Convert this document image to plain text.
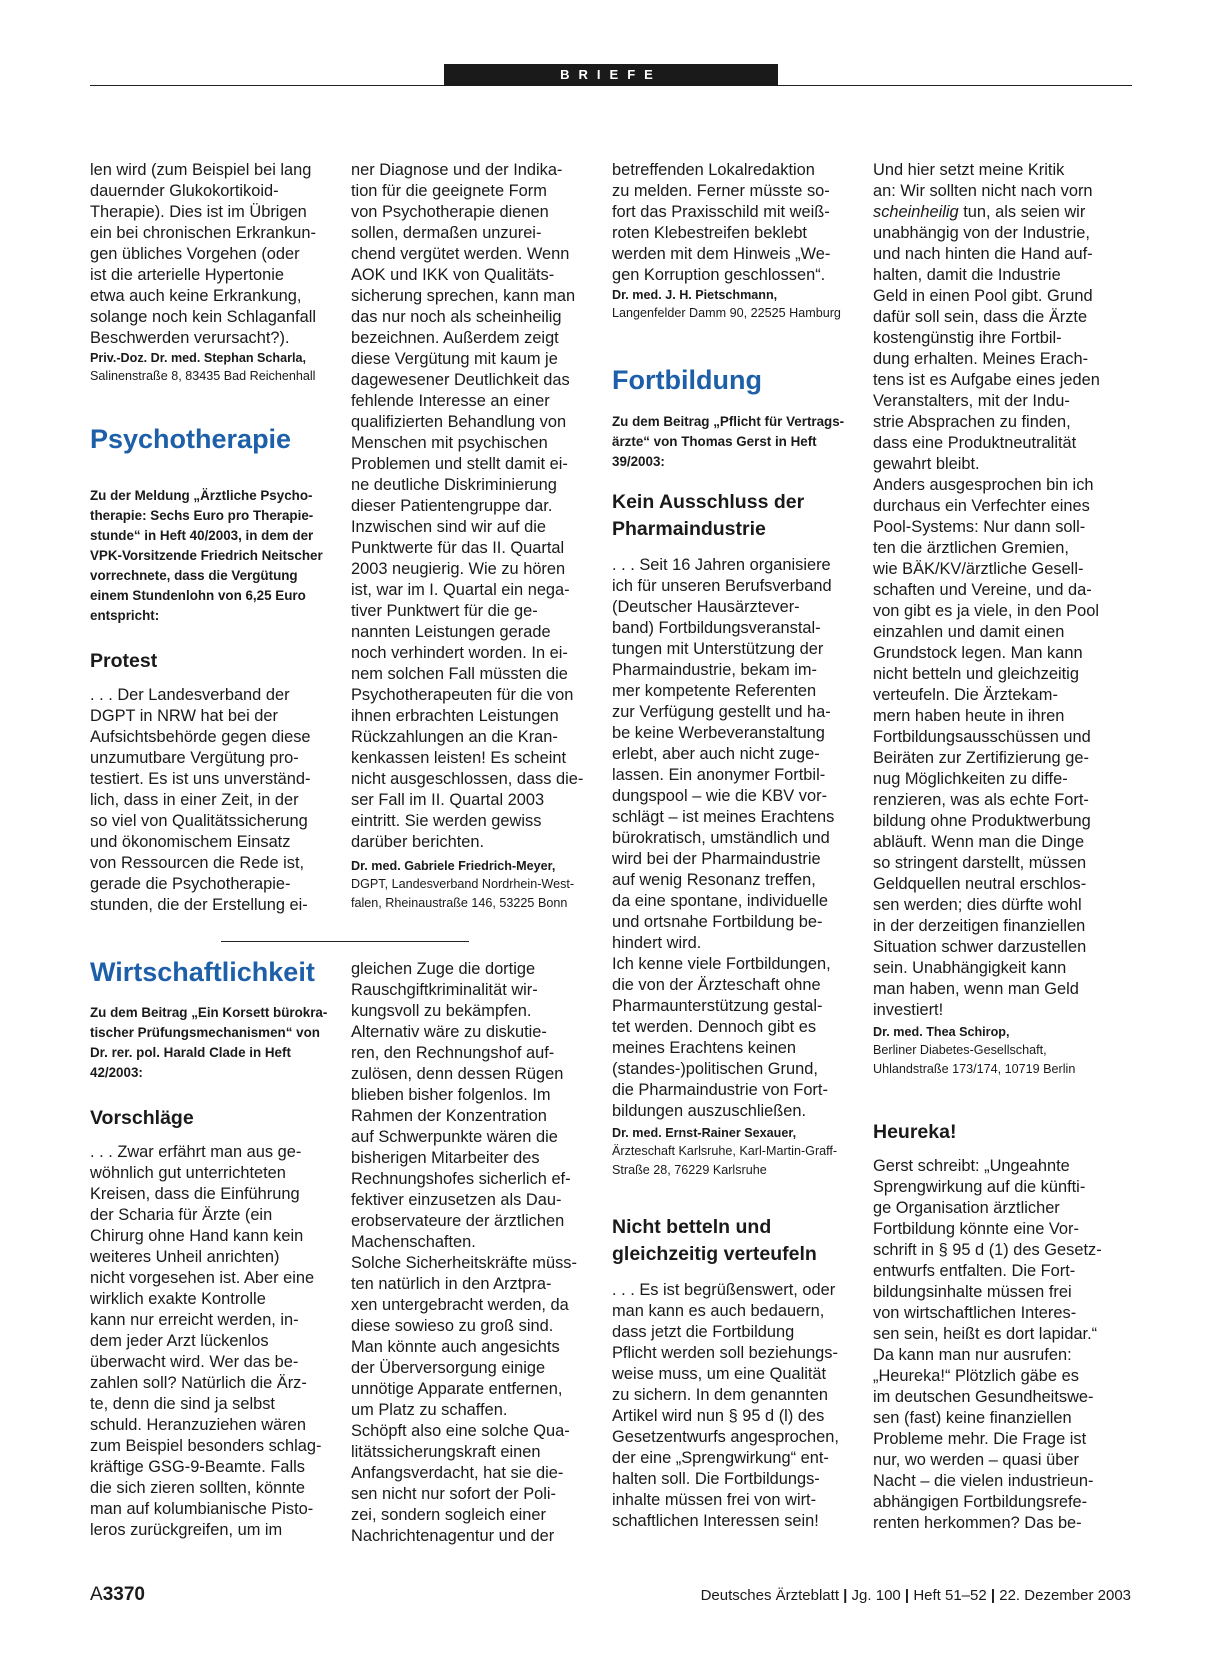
BRIEFE
len wird (zum Beispiel bei lang
dauernder Glukokortikoid-
Therapie). Dies ist im Übrigen
ein bei chronischen Erkrankun-
gen übliches Vorgehen (oder
ist die arterielle Hypertonie
etwa auch keine Erkrankung,
solange noch kein Schlaganfall
Beschwerden verursacht?).

Priv.-Doz. Dr. med. Stephan Scharla,

Salinenstraße 8, 83435 Bad Reichenhall
Psychotherapie
Zu der Meldung „Ärztliche Psycho-
therapie: Sechs Euro pro Therapie-
stunde“ in Heft 40/2003, in dem der
VPK-Vorsitzende Friedrich Neitscher
vorrechnete, dass die Vergütung
einem Stundenlohn von 6,25 Euro
entspricht:

Protest

. . . Der Landesverband der
DGPT in NRW hat bei der
Aufsichtsbehörde gegen diese
unzumutbare Vergütung pro-
testiert. Es ist uns unverständ-
lich, dass in einer Zeit, in der
so viel von Qualitätssicherung
und ökonomischem Einsatz
von Ressourcen die Rede ist,
gerade die Psychotherapie-
stunden, die der Erstellung ei-
ner Diagnose und der Indika-
tion für die geeignete Form
von Psychotherapie dienen
sollen, dermaßen unzurei-
chend vergütet werden. Wenn
AOK und IKK von Qualitäts-
sicherung sprechen, kann man
das nur noch als scheinheilig
bezeichnen. Außerdem zeigt
diese Vergütung mit kaum je
dagewesener Deutlichkeit das
fehlende Interesse an einer
qualifizierten Behandlung von
Menschen mit psychischen
Problemen und stellt damit ei-
ne deutliche Diskriminierung
dieser Patientengruppe dar.
Inzwischen sind wir auf die
Punktwerte für das II. Quartal
2003 neugierig. Wie zu hören
ist, war im I. Quartal ein nega-
tiver Punktwert für die ge-
nannten Leistungen gerade
noch verhindert worden. In ei-
nem solchen Fall müssten die
Psychotherapeuten für die von
ihnen erbrachten Leistungen
Rückzahlungen an die Kran-
kenkassen leisten! Es scheint
nicht ausgeschlossen, dass die-
ser Fall im II. Quartal 2003
eintritt. Sie werden gewiss
darüber berichten.

Dr. med. Gabriele Friedrich-Meyer,

DGPT, Landesverband Nordrhein-West-
falen, Rheinaustraße 146, 53225 Bonn
Wirtschaftlichkeit
Zu dem Beitrag „Ein Korsett bürokra-
tischer Prüfungsmechanismen“ von
Dr. rer. pol. Harald Clade in Heft
42/2003:

Vorschläge

. . . Zwar erfährt man aus ge-
wöhnlich gut unterrichteten
Kreisen, dass die Einführung
der Scharia für Ärzte (ein
Chirurg ohne Hand kann kein
weiteres Unheil anrichten)
nicht vorgesehen ist. Aber eine
wirklich exakte Kontrolle
kann nur erreicht werden, in-
dem jeder Arzt lückenlos
überwacht wird. Wer das be-
zahlen soll? Natürlich die Ärz-
te, denn die sind ja selbst
schuld. Heranzuziehen wären
zum Beispiel besonders schlag-
kräftige GSG-9-Beamte. Falls
die sich zieren sollten, könnte
man auf kolumbianische Pisto-
leros zurückgreifen, um im
gleichen Zuge die dortige
Rauschgiftkriminalität wir-
kungsvoll zu bekämpfen.
Alternativ wäre zu diskutie-
ren, den Rechnungshof auf-
zulösen, denn dessen Rügen
blieben bisher folgenlos. Im
Rahmen der Konzentration
auf Schwerpunkte wären die
bisherigen Mitarbeiter des
Rechnungshofes sicherlich ef-
fektiver einzusetzen als Dau-
erobservateure der ärztlichen
Machenschaften.
Solche Sicherheitskräfte müss-
ten natürlich in den Arztpra-
xen untergebracht werden, da
diese sowieso zu groß sind.
Man könnte auch angesichts
der Überversorgung einige
unnötige Apparate entfernen,
um Platz zu schaffen.
Schöpft also eine solche Qua-
litätssicherungskraft einen
Anfangsverdacht, hat sie die-
sen nicht nur sofort der Poli-
zei, sondern sogleich einer
Nachrichtenagentur und der
betreffenden Lokalredaktion
zu melden. Ferner müsste so-
fort das Praxisschild mit weiß-
roten Klebestreifen beklebt
werden mit dem Hinweis „We-
gen Korruption geschlossen“.

Dr. med. J. H. Pietschmann,

Langenfelder Damm 90, 22525 Hamburg
Fortbildung
Zu dem Beitrag „Pflicht für Vertrags-
ärzte“ von Thomas Gerst in Heft
39/2003:
Kein Ausschluss der
Pharmaindustrie
. . . Seit 16 Jahren organisiere
ich für unseren Berufsverband
(Deutscher Hausärztever-
band) Fortbildungsveranstal-
tungen mit Unterstützung der
Pharmaindustrie, bekam im-
mer kompetente Referenten
zur Verfügung gestellt und ha-
be keine Werbeveranstaltung
erlebt, aber auch nicht zuge-
lassen. Ein anonymer Fortbil-
dungspool – wie die KBV vor-
schlägt – ist meines Erachtens
bürokratisch, umständlich und
wird bei der Pharmaindustrie
auf wenig Resonanz treffen,
da eine spontane, individuelle
und ortsnahe Fortbildung be-
hindert wird.
Ich kenne viele Fortbildungen,
die von der Ärzteschaft ohne
Pharmaunterstützung gestal-
tet werden. Dennoch gibt es
meines Erachtens keinen
(standes-)politischen Grund,
die Pharmaindustrie von Fort-
bildungen auszuschließen.

Dr. med. Ernst-Rainer Sexauer,

Ärzteschaft Karlsruhe, Karl-Martin-Graff-
Straße 28, 76229 Karlsruhe
Nicht betteln und
gleichzeitig verteufeln
. . . Es ist begrüßenswert, oder
man kann es auch bedauern,
dass jetzt die Fortbildung
Pflicht werden soll beziehungs-
weise muss, um eine Qualität
zu sichern. In dem genannten
Artikel wird nun § 95 d (l) des
Gesetzentwurfs angesprochen,
der eine „Sprengwirkung“ ent-
halten soll. Die Fortbildungs-
inhalte müssen frei von wirt-
schaftlichen Interessen sein!
Und hier setzt meine Kritik
an: Wir sollten nicht nach vorn
scheinheilig tun, als seien wir
unabhängig von der Industrie,
und nach hinten die Hand auf-
halten, damit die Industrie
Geld in einen Pool gibt. Grund
dafür soll sein, dass die Ärzte
kostengünstig ihre Fortbil-
dung erhalten. Meines Erach-
tens ist es Aufgabe eines jeden
Veranstalters, mit der Indu-
strie Absprachen zu finden,
dass eine Produktneutralität
gewahrt bleibt.
Anders ausgesprochen bin ich
durchaus ein Verfechter eines
Pool-Systems: Nur dann soll-
ten die ärztlichen Gremien,
wie BÄK/KV/ärztliche Gesell-
schaften und Vereine, und da-
von gibt es ja viele, in den Pool
einzahlen und damit einen
Grundstock legen. Man kann
nicht betteln und gleichzeitig
verteufeln. Die Ärztekam-
mern haben heute in ihren
Fortbildungsausschüssen und
Beiräten zur Zertifizierung ge-
nug Möglichkeiten zu diffe-
renzieren, was als echte Fort-
bildung ohne Produktwerbung
abläuft. Wenn man die Dinge
so stringent darstellt, müssen
Geldquellen neutral erschlos-
sen werden; dies dürfte wohl
in der derzeitigen finanziellen
Situation schwer darzustellen
sein. Unabhängigkeit kann
man haben, wenn man Geld
investiert!

Dr. med. Thea Schirop,

Berliner Diabetes-Gesellschaft,
Uhlandstraße 173/174, 10719 Berlin

Heureka!

Gerst schreibt: „Ungeahnte
Sprengwirkung auf die künfti-
ge Organisation ärztlicher
Fortbildung könnte eine Vor-
schrift in § 95 d (1) des Gesetz-
entwurfs entfalten. Die Fort-
bildungsinhalte müssen frei
von wirtschaftlichen Interes-
sen sein, heißt es dort lapidar.“
Da kann man nur ausrufen:
„Heureka!“ Plötzlich gäbe es
im deutschen Gesundheitswe-
sen (fast) keine finanziellen
Probleme mehr. Die Frage ist
nur, wo werden – quasi über
Nacht – die vielen industrieun-
abhängigen Fortbildungsrefe-
renten herkommen? Das be-
A3370	Deutsches Ärzteblatt | Jg. 100 | Heft 51–52 | 22. Dezember 2003
